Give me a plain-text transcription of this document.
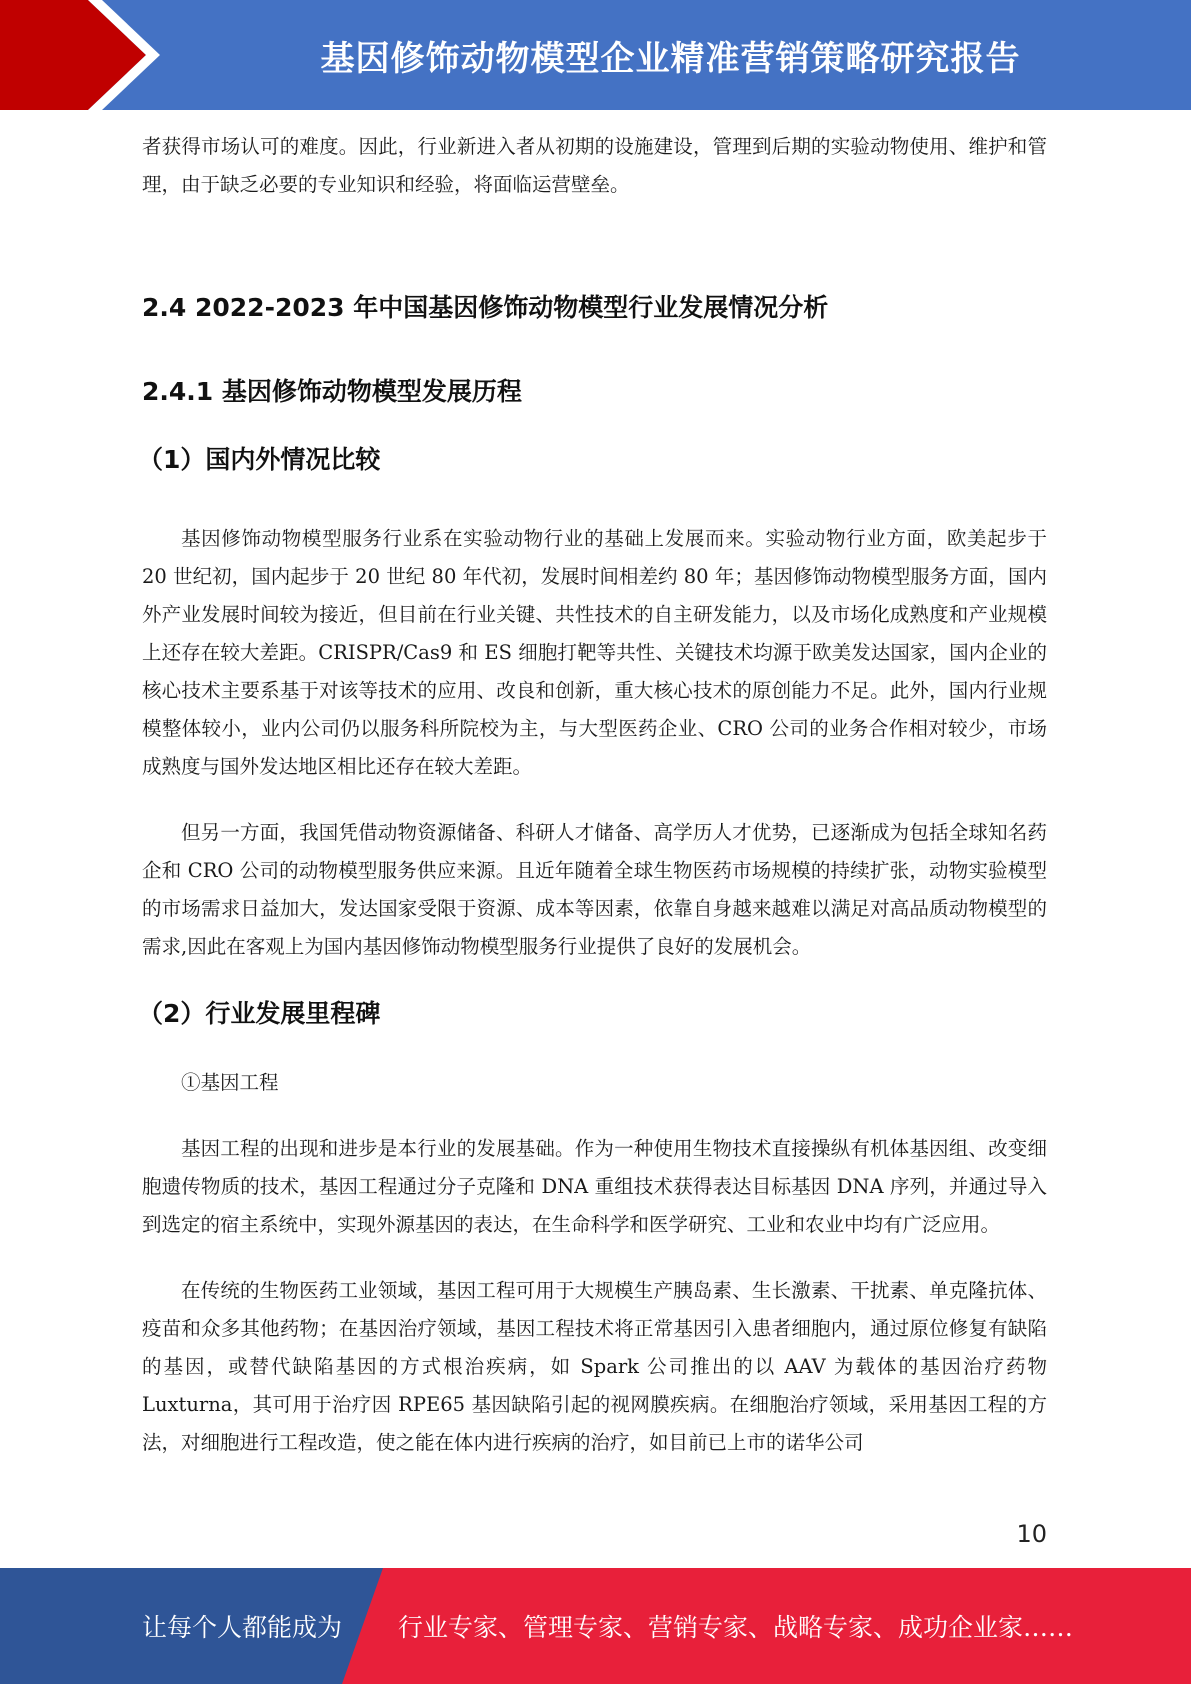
基因修饰动物模型企业精准营销策略研究报告

者获得市场认可的难度。因此，行业新进入者从初期的设施建设，管理到后期的实验动物使用、维护和管理，由于缺乏必要的专业知识和经验，将面临运营壁垒。

2.4 2022-2023 年中国基因修饰动物模型行业发展情况分析
2.4.1 基因修饰动物模型发展历程
（1）国内外情况比较

基因修饰动物模型服务行业系在实验动物行业的基础上发展而来。实验动物行业方面，欧美起步于 20 世纪初，国内起步于 20 世纪 80 年代初，发展时间相差约 80 年；基因修饰动物模型服务方面，国内外产业发展时间较为接近，但目前在行业关键、共性技术的自主研发能力，以及市场化成熟度和产业规模上还存在较大差距。CRISPR/Cas9 和 ES 细胞打靶等共性、关键技术均源于欧美发达国家，国内企业的核心技术主要系基于对该等技术的应用、改良和创新，重大核心技术的原创能力不足。此外，国内行业规模整体较小，业内公司仍以服务科所院校为主，与大型医药企业、CRO 公司的业务合作相对较少，市场成熟度与国外发达地区相比还存在较大差距。

但另一方面，我国凭借动物资源储备、科研人才储备、高学历人才优势，已逐渐成为包括全球知名药企和 CRO 公司的动物模型服务供应来源。且近年随着全球生物医药市场规模的持续扩张，动物实验模型的市场需求日益加大，发达国家受限于资源、成本等因素，依靠自身越来越难以满足对高品质动物模型的需求,因此在客观上为国内基因修饰动物模型服务行业提供了良好的发展机会。

（2）行业发展里程碑

①基因工程

基因工程的出现和进步是本行业的发展基础。作为一种使用生物技术直接操纵有机体基因组、改变细胞遗传物质的技术，基因工程通过分子克隆和 DNA 重组技术获得表达目标基因 DNA 序列，并通过导入到选定的宿主系统中，实现外源基因的表达，在生命科学和医学研究、工业和农业中均有广泛应用。

在传统的生物医药工业领域，基因工程可用于大规模生产胰岛素、生长激素、干扰素、单克隆抗体、疫苗和众多其他药物；在基因治疗领域，基因工程技术将正常基因引入患者细胞内，通过原位修复有缺陷的基因，或替代缺陷基因的方式根治疾病，如 Spark 公司推出的以 AAV 为载体的基因治疗药物 Luxturna，其可用于治疗因 RPE65 基因缺陷引起的视网膜疾病。在细胞治疗领域，采用基因工程的方法，对细胞进行工程改造，使之能在体内进行疾病的治疗，如目前已上市的诺华公司

10
让每个人都能成为 行业专家、管理专家、营销专家、战略专家、成功企业家……
